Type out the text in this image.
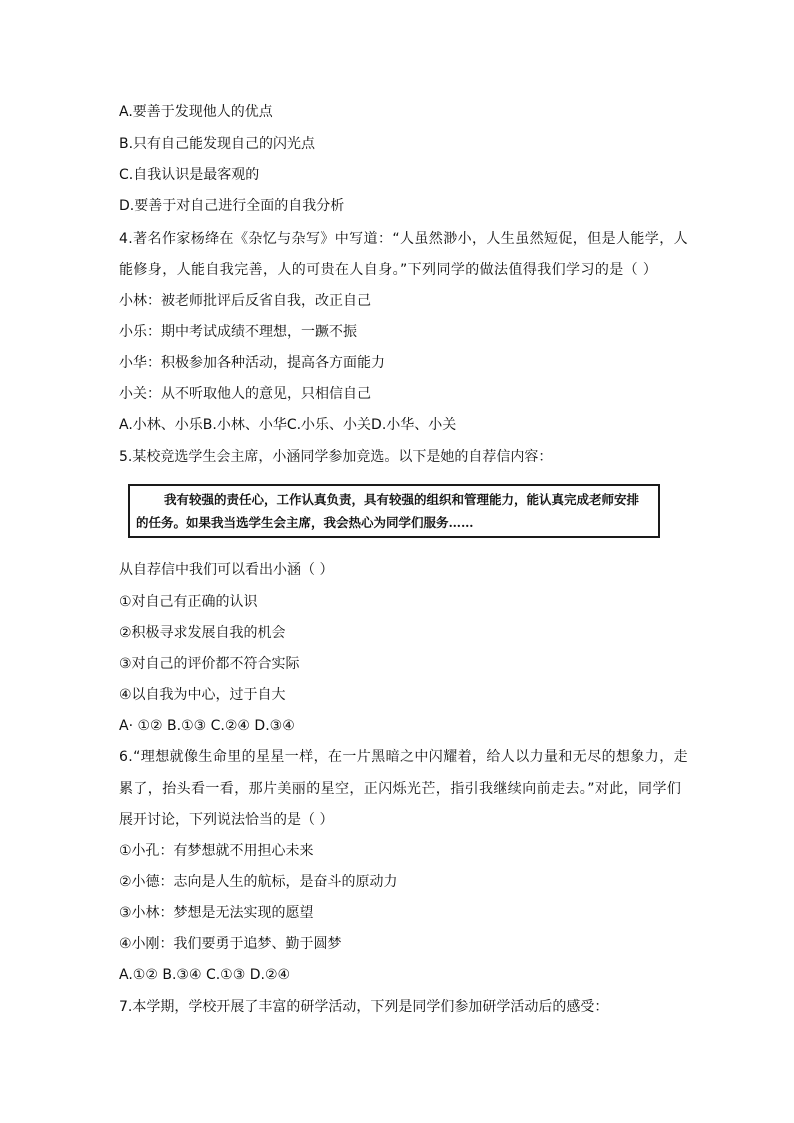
A.要善于发现他人的优点
B.只有自己能发现自己的闪光点
C.自我认识是最客观的
D.要善于对自己进行全面的自我分析
4.著名作家杨绛在《杂忆与杂写》中写道：“人虽然渺小，人生虽然短促，但是人能学，人
能修身，人能自我完善，人的可贵在人自身。”下列同学的做法值得我们学习的是（ ）
小林：被老师批评后反省自我，改正自己
小乐：期中考试成绩不理想，一蹶不振
小华：积极参加各种活动，提高各方面能力
小关：从不听取他人的意见，只相信自己
A.小林、小乐B.小林、小华C.小乐、小关D.小华、小关
5.某校竞选学生会主席，小涵同学参加竞选。以下是她的自荐信内容：
我有较强的责任心，工作认真负责，具有较强的组织和管理能力，能认真完成老师安排
的任务。如果我当选学生会主席，我会热心为同学们服务……
从自荐信中我们可以看出小涵（ ）
①对自己有正确的认识
②积极寻求发展自我的机会
③对自己的评价都不符合实际
④以自我为中心，过于自大
A· ①② B.①③ C.②④ D.③④
6.“理想就像生命里的星星一样，在一片黑暗之中闪耀着，给人以力量和无尽的想象力，走
累了，抬头看一看，那片美丽的星空，正闪烁光芒，指引我继续向前走去。”对此，同学们
展开讨论，下列说法恰当的是（ ）
①小孔：有梦想就不用担心未来
②小德：志向是人生的航标，是奋斗的原动力
③小林：梦想是无法实现的愿望
④小刚：我们要勇于追梦、勤于圆梦
A.①② B.③④ C.①③ D.②④
7.本学期，学校开展了丰富的研学活动，下列是同学们参加研学活动后的感受：
